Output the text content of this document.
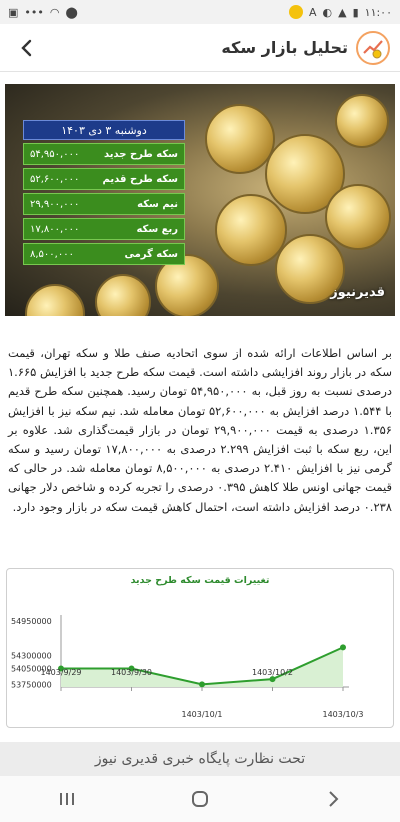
▣ ••• ◠ ⬤	A ◐ ▲ ▮ ۱۱:۰۰
تحلیل بازار سکه
دوشنبه ۳ دی ۱۴۰۳
سکه طرح جدید
۵۴,۹۵۰,۰۰۰
سکه طرح قدیم
۵۲,۶۰۰,۰۰۰
نیم سکه
۲۹,۹۰۰,۰۰۰
ربع سکه
۱۷,۸۰۰,۰۰۰
سکه گرمی
۸,۵۰۰,۰۰۰
قدیرنیوز
بر اساس اطلاعات ارائه شده از سوی اتحادیه صنف طلا و سکه تهران، قیمت سکه در بازار روند افزایشی داشته است. قیمت سکه طرح جدید با افزایش ۱.۶۶۵ درصدی نسبت به روز قبل، به ۵۴,۹۵۰,۰۰۰ تومان رسید. همچنین سکه طرح قدیم با ۱.۵۴۴ درصد افزایش به ۵۲,۶۰۰,۰۰۰ تومان معامله شد. نیم سکه نیز با افزایش ۱.۳۵۶ درصدی به قیمت ۲۹,۹۰۰,۰۰۰ تومان در بازار قیمت‌گذاری شد. علاوه بر این، ربع سکه با ثبت افزایش ۲.۲۹۹ درصدی به ۱۷,۸۰۰,۰۰۰ تومان رسید و سکه گرمی نیز با افزایش ۲.۴۱۰ درصدی به ۸,۵۰۰,۰۰۰ تومان معامله شد. در حالی که قیمت جهانی اونس طلا کاهش ۰.۳۹۵ درصدی را تجربه کرده و شاخص دلار جهانی ۰.۲۳۸ درصد افزایش داشته است، احتمال کاهش قیمت سکه در بازار وجود دارد.
تغییرات قیمت سکه طرح جدید
54950000
54300000
54050000
53750000
1403/9/29	1403/9/30
1403/10/1
1403/10/2
1403/10/3
تحت نظارت پایگاه خبری قدیری نیوز
